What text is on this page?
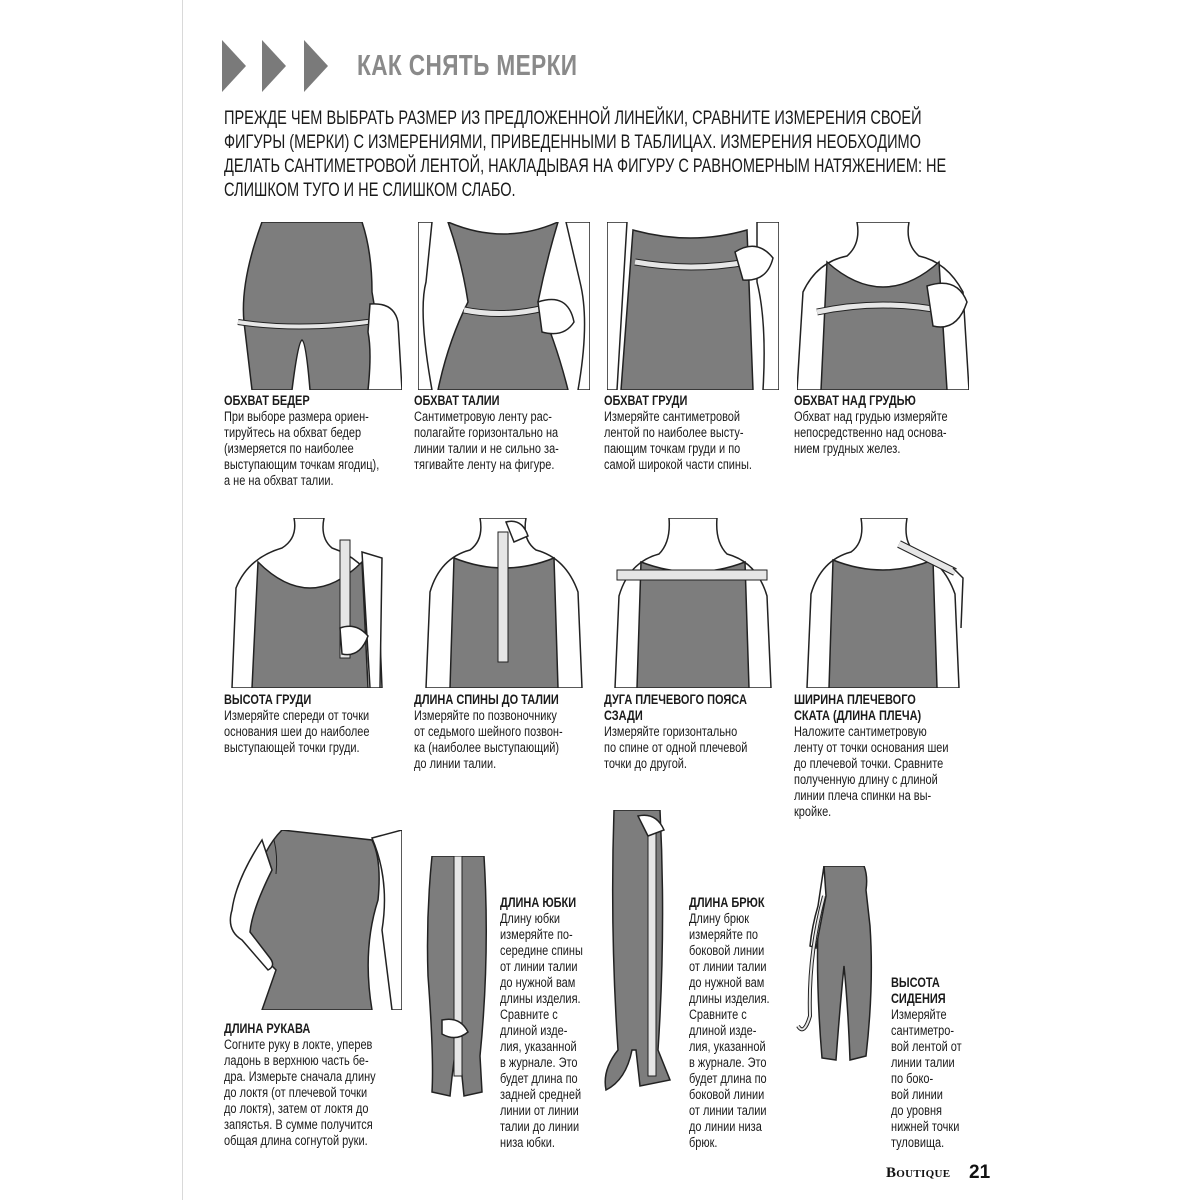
КАК СНЯТЬ МЕРКИ
ПРЕЖДЕ ЧЕМ ВЫБРАТЬ РАЗМЕР ИЗ ПРЕДЛОЖЕННОЙ ЛИНЕЙКИ, СРАВНИТЕ ИЗМЕРЕНИЯ СВОЕЙ ФИГУРЫ (МЕРКИ) С ИЗМЕРЕНИЯМИ, ПРИВЕДЕННЫМИ В ТАБЛИЦАХ. ИЗМЕРЕНИЯ НЕОБХОДИМО ДЕЛАТЬ САНТИМЕТРОВОЙ ЛЕНТОЙ, НАКЛАДЫВАЯ НА ФИГУРУ С РАВНОМЕРНЫМ НАТЯЖЕНИЕМ: НЕ СЛИШКОМ ТУГО И НЕ СЛИШКОМ СЛАБО.
ОБХВАТ БЕДЕР
При выборе размера ориен-
тируйтесь на обхват бедер
(измеряется по наиболее
выступающим точкам ягодиц),
а не на обхват талии.
ОБХВАТ ТАЛИИ
Сантиметровую ленту рас-
полагайте горизонтально на
линии талии и не сильно за-
тягивайте ленту на фигуре.
ОБХВАТ ГРУДИ
Измеряйте сантиметровой
лентой по наиболее высту-
пающим точкам груди и по
самой широкой части спины.
ОБХВАТ НАД ГРУДЬЮ
Обхват над грудью измеряйте
непосредственно над основа-
нием грудных желез.
ВЫСОТА ГРУДИ
Измеряйте спереди от точки
основания шеи до наиболее
выступающей точки груди.
ДЛИНА СПИНЫ ДО ТАЛИИ
Измеряйте по позвоночнику
от седьмого шейного позвон-
ка (наиболее выступающий)
до линии талии.
ДУГА ПЛЕЧЕВОГО ПОЯСА
СЗАДИ
Измеряйте горизонтально
по спине от одной плечевой
точки до другой.
ШИРИНА ПЛЕЧЕВОГО
СКАТА (ДЛИНА ПЛЕЧА)
Наложите сантиметровую
ленту от точки основания шеи
до плечевой точки. Сравните
полученную длину с длиной
линии плеча спинки на вы-
кройке.
ДЛИНА РУКАВА
Согните руку в локте, уперев
ладонь в верхнюю часть бе-
дра. Измерьте сначала длину
до локтя (от плечевой точки
до локтя), затем от локтя до
запястья. В сумме получится
общая длина согнутой руки.
ДЛИНА ЮБКИ
Длину юбки
измеряйте по-
середине спины
от линии талии
до нужной вам
длины изделия.
Сравните с
длиной изде-
лия, указанной
в журнале. Это
будет длина по
задней средней
линии от линии
талии до линии
низа юбки.
ДЛИНА БРЮК
Длину брюк
измеряйте по
боковой линии
от линии талии
до нужной вам
длины изделия.
Сравните с
длиной изде-
лия, указанной
в журнале. Это
будет длина по
боковой линии
от линии талии
до линии низа
брюк.
ВЫСОТА
СИДЕНИЯ
Измеряйте
сантиметро-
вой лентой от
линии талии
по боко-
вой линии
до уровня
нижней точки
туловища.
Boutique 21
